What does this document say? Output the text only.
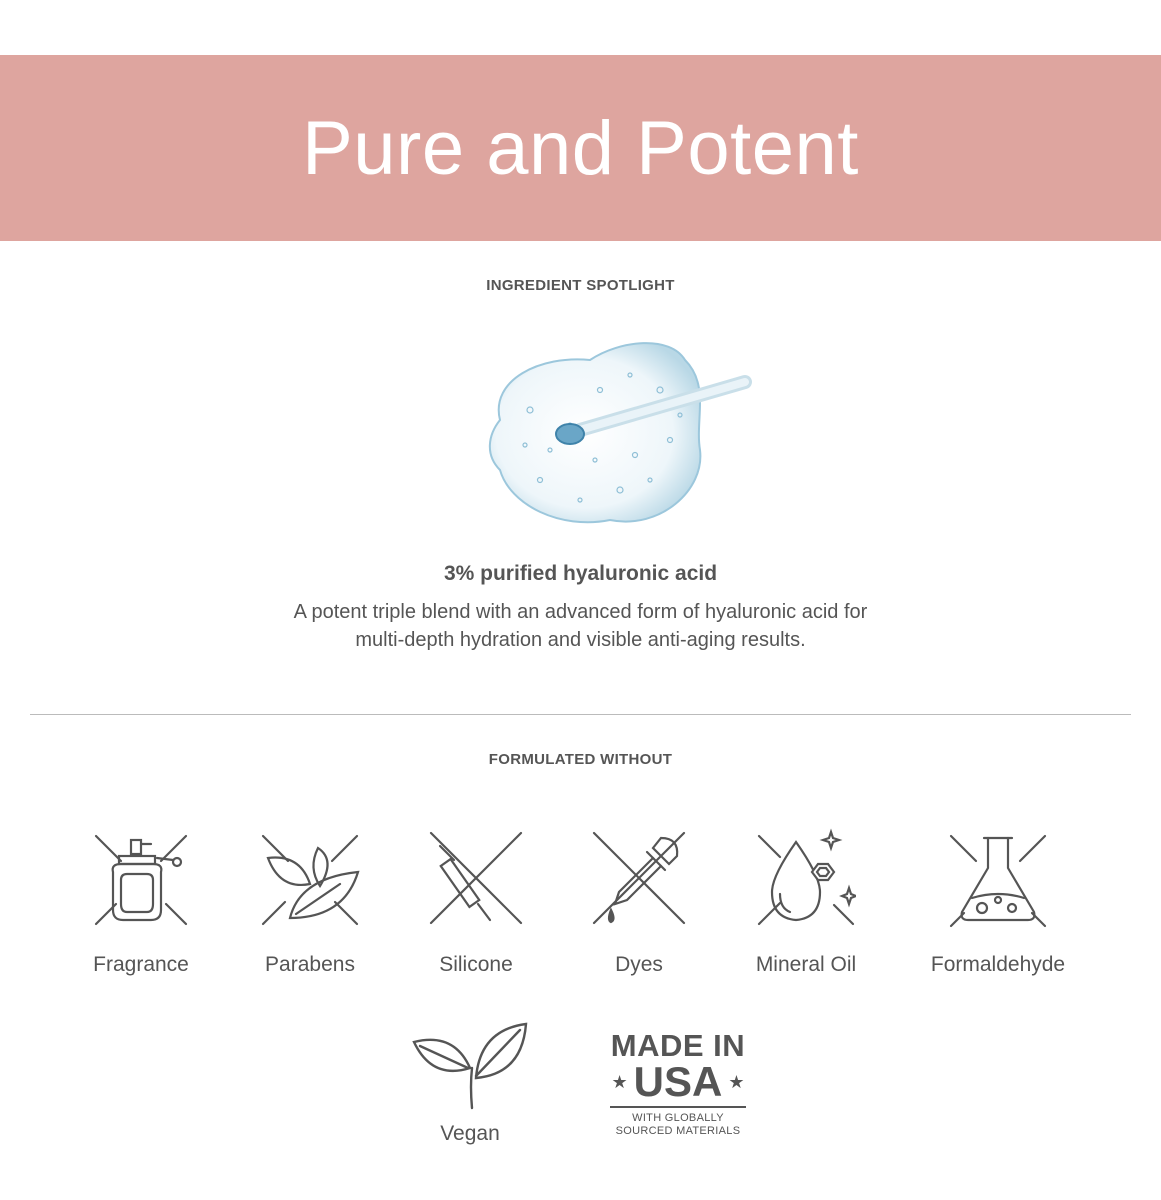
Pure and Potent
INGREDIENT SPOTLIGHT
3% purified hyaluronic acid
A potent triple blend with an advanced form of hyaluronic acid for multi-depth hydration and visible anti-aging results.
FORMULATED WITHOUT
Fragrance	Parabens	Silicone	Dyes	Mineral Oil	Formaldehyde
Vegan
MADE IN
★ USA ★
WITH GLOBALLY
SOURCED MATERIALS
